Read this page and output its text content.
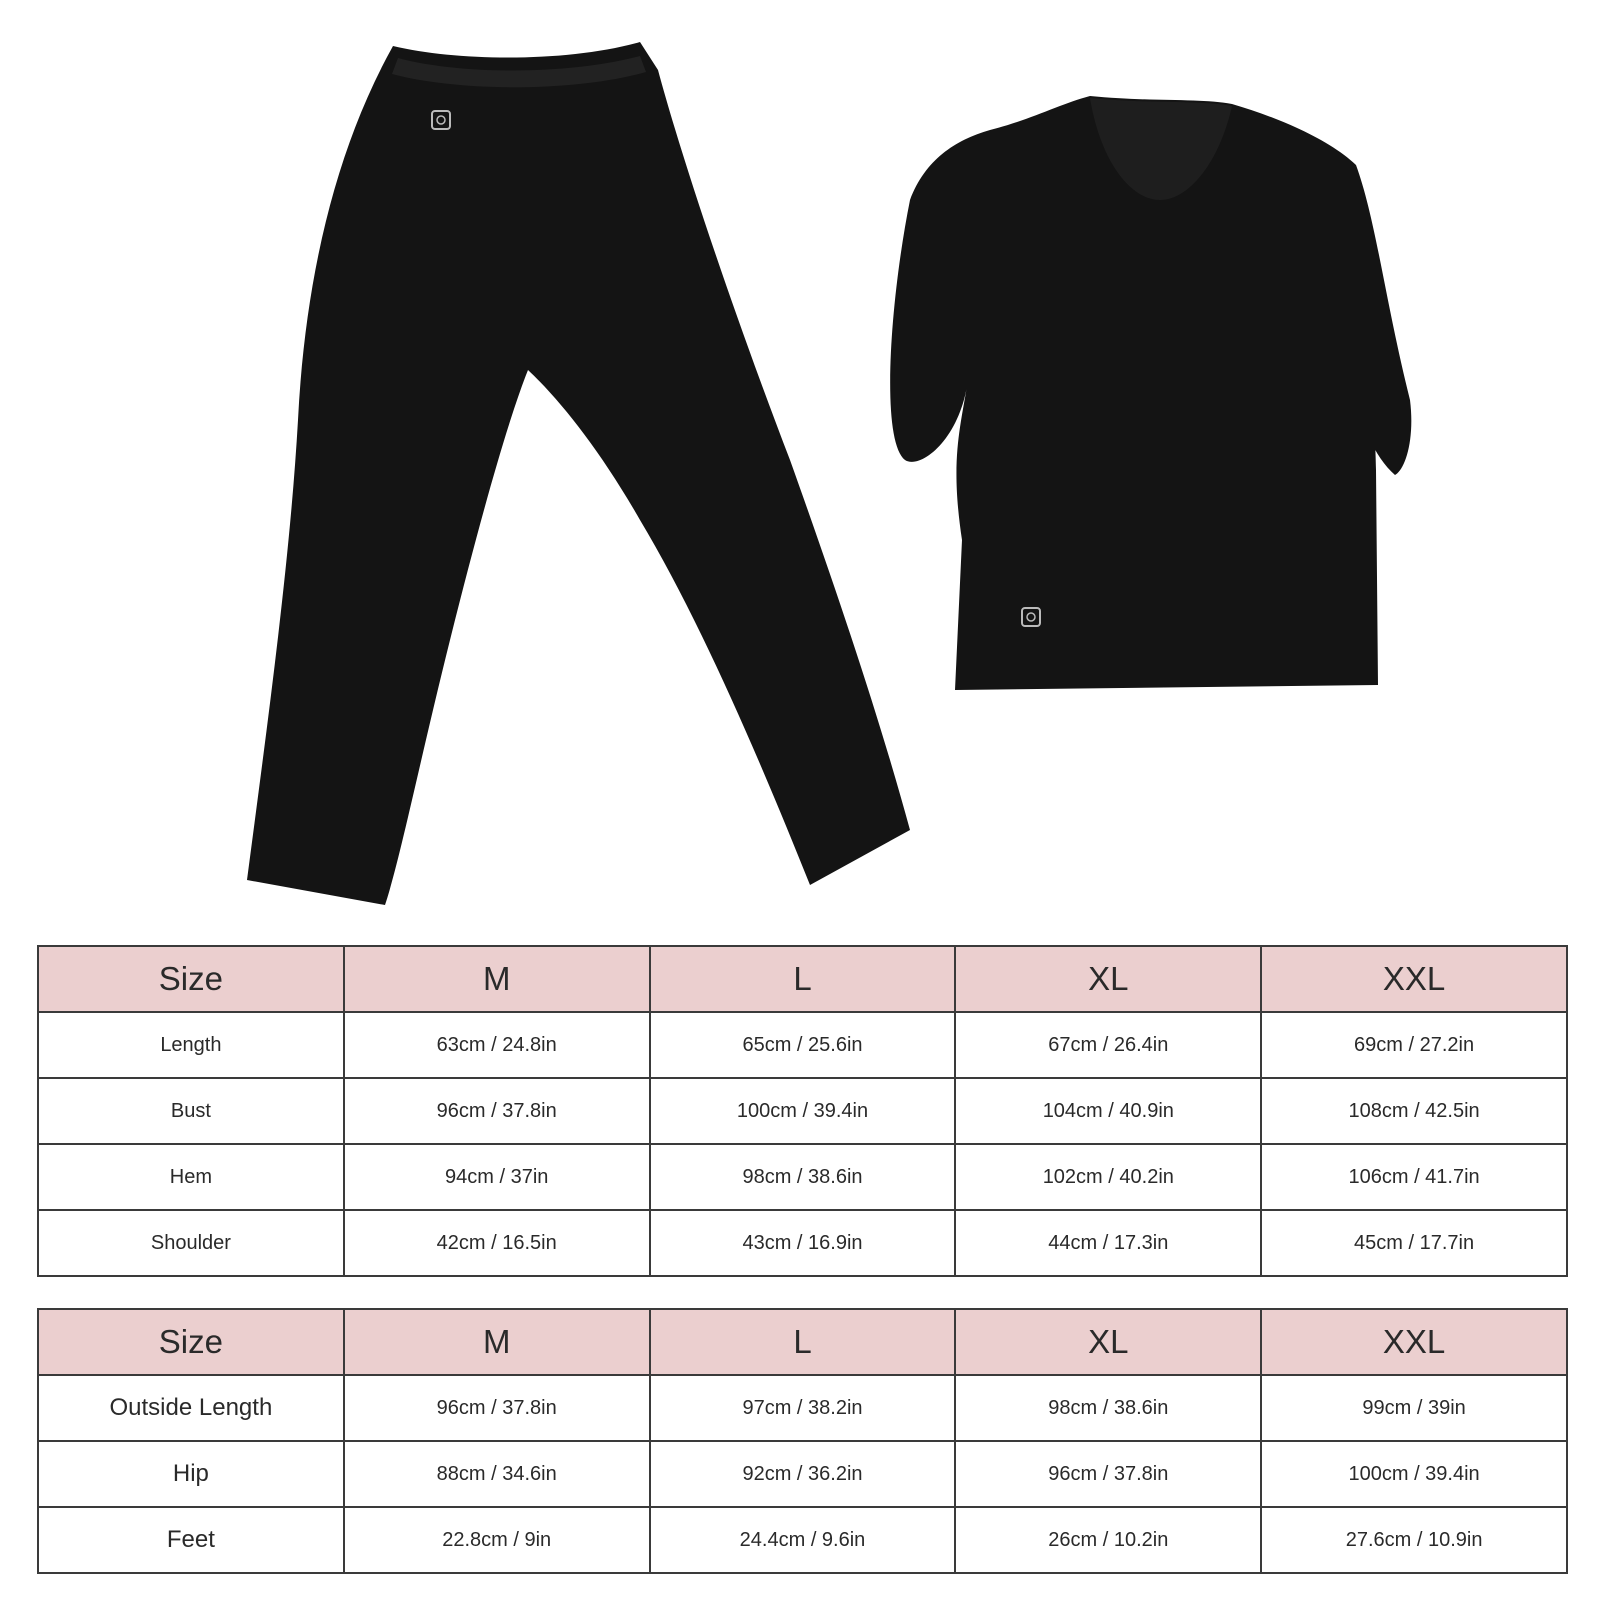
Size	M	L	XL	XXL
Length	63cm / 24.8in	65cm / 25.6in	67cm / 26.4in	69cm / 27.2in
Bust	96cm / 37.8in	100cm / 39.4in	104cm / 40.9in	108cm / 42.5in
Hem	94cm / 37in	98cm / 38.6in	102cm / 40.2in	106cm / 41.7in
Shoulder	42cm / 16.5in	43cm / 16.9in	44cm / 17.3in	45cm / 17.7in
Size	M	L	XL	XXL
Outside Length	96cm / 37.8in	97cm / 38.2in	98cm / 38.6in	99cm / 39in
Hip	88cm / 34.6in	92cm / 36.2in	96cm / 37.8in	100cm / 39.4in
Feet	22.8cm / 9in	24.4cm / 9.6in	26cm / 10.2in	27.6cm / 10.9in
